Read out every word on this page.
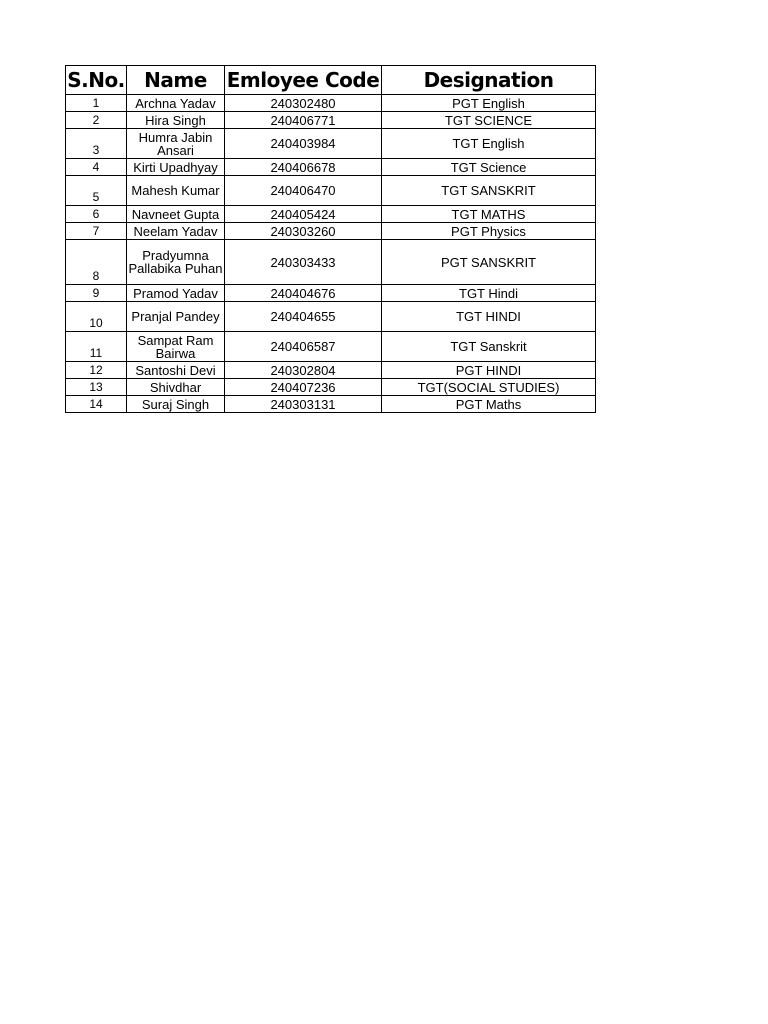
S.No.	Name	Emloyee Code	Designation
1	Archna Yadav	240302480	PGT English
2	Hira Singh	240406771	TGT SCIENCE
3	Humra Jabin Ansari	240403984	TGT English
4	Kirti Upadhyay	240406678	TGT Science
5	Mahesh Kumar	240406470	TGT SANSKRIT
6	Navneet Gupta	240405424	TGT MATHS
7	Neelam Yadav	240303260	PGT Physics
8	Pradyumna Pallabika Puhan	240303433	PGT SANSKRIT
9	Pramod Yadav	240404676	TGT Hindi
10	Pranjal Pandey	240404655	TGT HINDI
11	Sampat Ram Bairwa	240406587	TGT Sanskrit
12	Santoshi Devi	240302804	PGT HINDI
13	Shivdhar	240407236	TGT(SOCIAL STUDIES)
14	Suraj Singh	240303131	PGT Maths
